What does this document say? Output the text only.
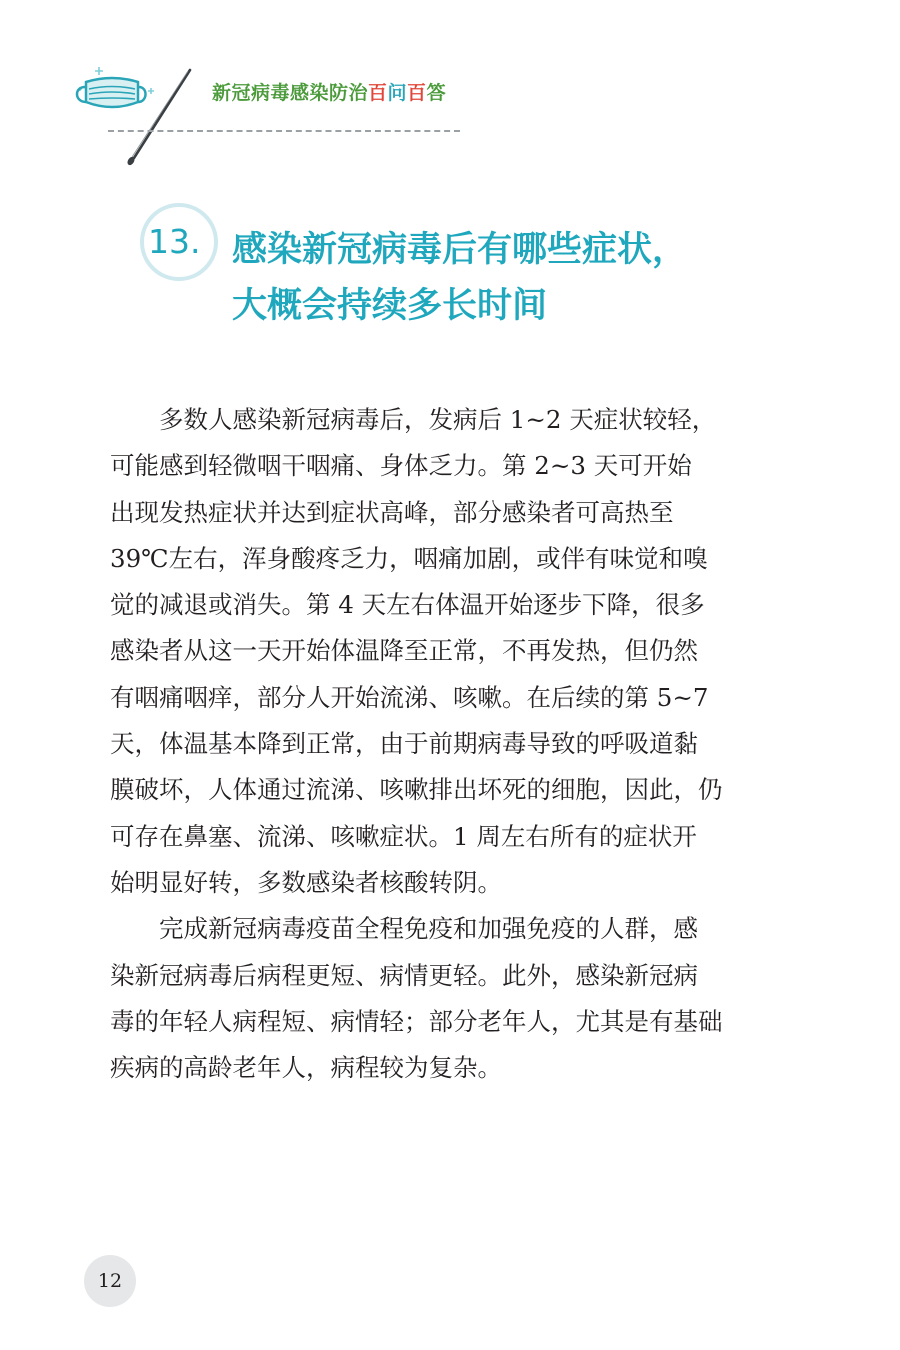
新冠病毒感染防治百问百答
13. 感染新冠病毒后有哪些症状，
大概会持续多长时间
多数人感染新冠病毒后，发病后 1~2 天症状较轻，
可能感到轻微咽干咽痛、身体乏力。第 2~3 天可开始
出现发热症状并达到症状高峰，部分感染者可高热至
39℃左右，浑身酸疼乏力，咽痛加剧，或伴有味觉和嗅
觉的减退或消失。第 4 天左右体温开始逐步下降，很多
感染者从这一天开始体温降至正常，不再发热，但仍然
有咽痛咽痒，部分人开始流涕、咳嗽。在后续的第 5~7
天，体温基本降到正常，由于前期病毒导致的呼吸道黏
膜破坏，人体通过流涕、咳嗽排出坏死的细胞，因此，仍
可存在鼻塞、流涕、咳嗽症状。1 周左右所有的症状开
始明显好转，多数感染者核酸转阴。
完成新冠病毒疫苗全程免疫和加强免疫的人群，感
染新冠病毒后病程更短、病情更轻。此外，感染新冠病
毒的年轻人病程短、病情轻；部分老年人，尤其是有基础
疾病的高龄老年人，病程较为复杂。
12
